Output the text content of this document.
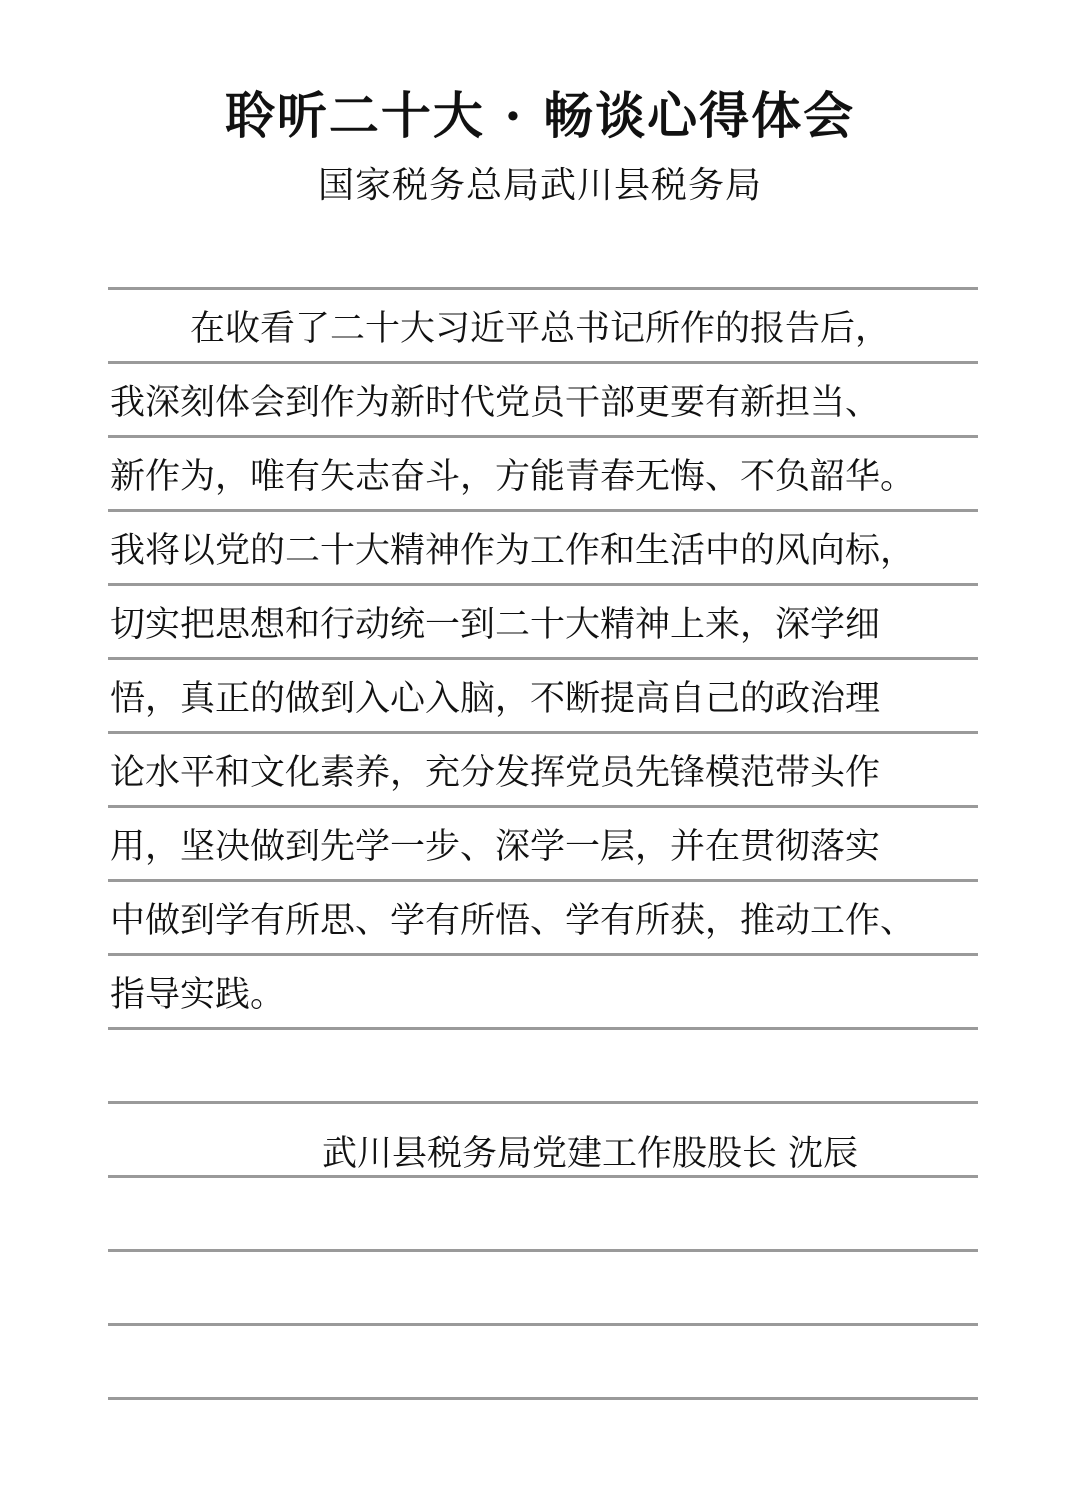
聆听二十大 · 畅谈心得体会
国家税务总局武川县税务局
在收看了二十大习近平总书记所作的报告后，
我深刻体会到作为新时代党员干部更要有新担当、
新作为，唯有矢志奋斗，方能青春无悔、不负韶华。
我将以党的二十大精神作为工作和生活中的风向标，
切实把思想和行动统一到二十大精神上来，深学细
悟，真正的做到入心入脑，不断提高自己的政治理
论水平和文化素养，充分发挥党员先锋模范带头作
用，坚决做到先学一步、深学一层，并在贯彻落实
中做到学有所思、学有所悟、学有所获，推动工作、
指导实践。
武川县税务局党建工作股股长 沈辰
